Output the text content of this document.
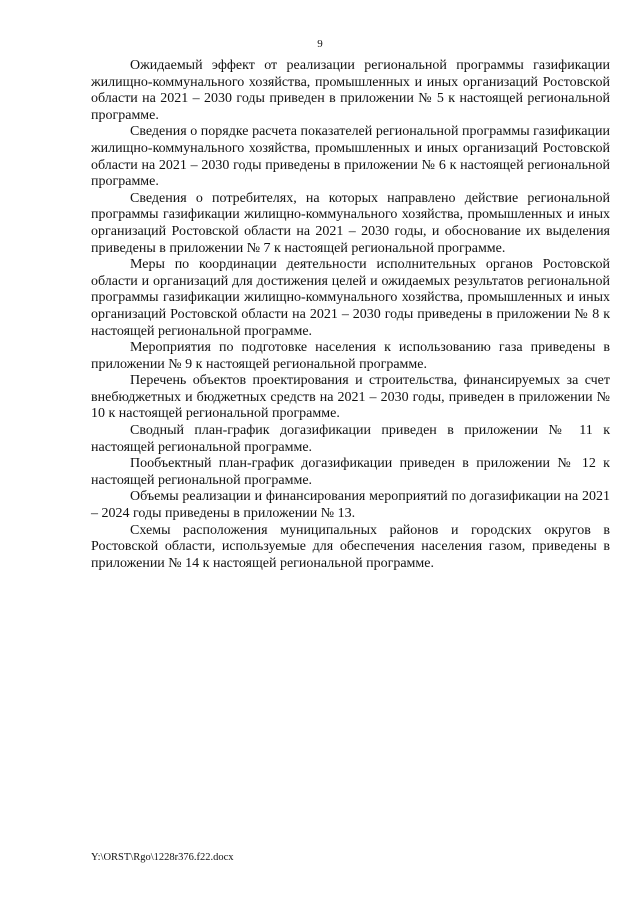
9

Ожидаемый эффект от реализации региональной программы газификации жилищно-коммунального хозяйства, промышленных и иных организаций Ростовской области на 2021 – 2030 годы приведен в приложении № 5 к настоящей региональной программе.

Сведения о порядке расчета показателей региональной программы газификации жилищно-коммунального хозяйства, промышленных и иных организаций Ростовской области на 2021 – 2030 годы приведены в приложении № 6 к настоящей региональной программе.

Сведения о потребителях, на которых направлено действие региональной программы газификации жилищно-коммунального хозяйства, промышленных и иных организаций Ростовской области на 2021 – 2030 годы, и обоснование их выделения приведены в приложении № 7 к настоящей региональной программе.

Меры по координации деятельности исполнительных органов Ростовской области и организаций для достижения целей и ожидаемых результатов региональной программы газификации жилищно-коммунального хозяйства, промышленных и иных организаций Ростовской области на 2021 – 2030 годы приведены в приложении № 8 к настоящей региональной программе.

Мероприятия по подготовке населения к использованию газа приведены в приложении № 9 к настоящей региональной программе.

Перечень объектов проектирования и строительства, финансируемых за счет внебюджетных и бюджетных средств на 2021 – 2030 годы, приведен в приложении № 10 к настоящей региональной программе.

Сводный план-график догазификации приведен в приложении № 11 к настоящей региональной программе.

Пообъектный план-график догазификации приведен в приложении № 12 к настоящей региональной программе.

Объемы реализации и финансирования мероприятий по догазификации на 2021 – 2024 годы приведены в приложении № 13.

Схемы расположения муниципальных районов и городских округов в Ростовской области, используемые для обеспечения населения газом, приведены в приложении № 14 к настоящей региональной программе.

Y:\ORST\Rgo\1228r376.f22.docx
